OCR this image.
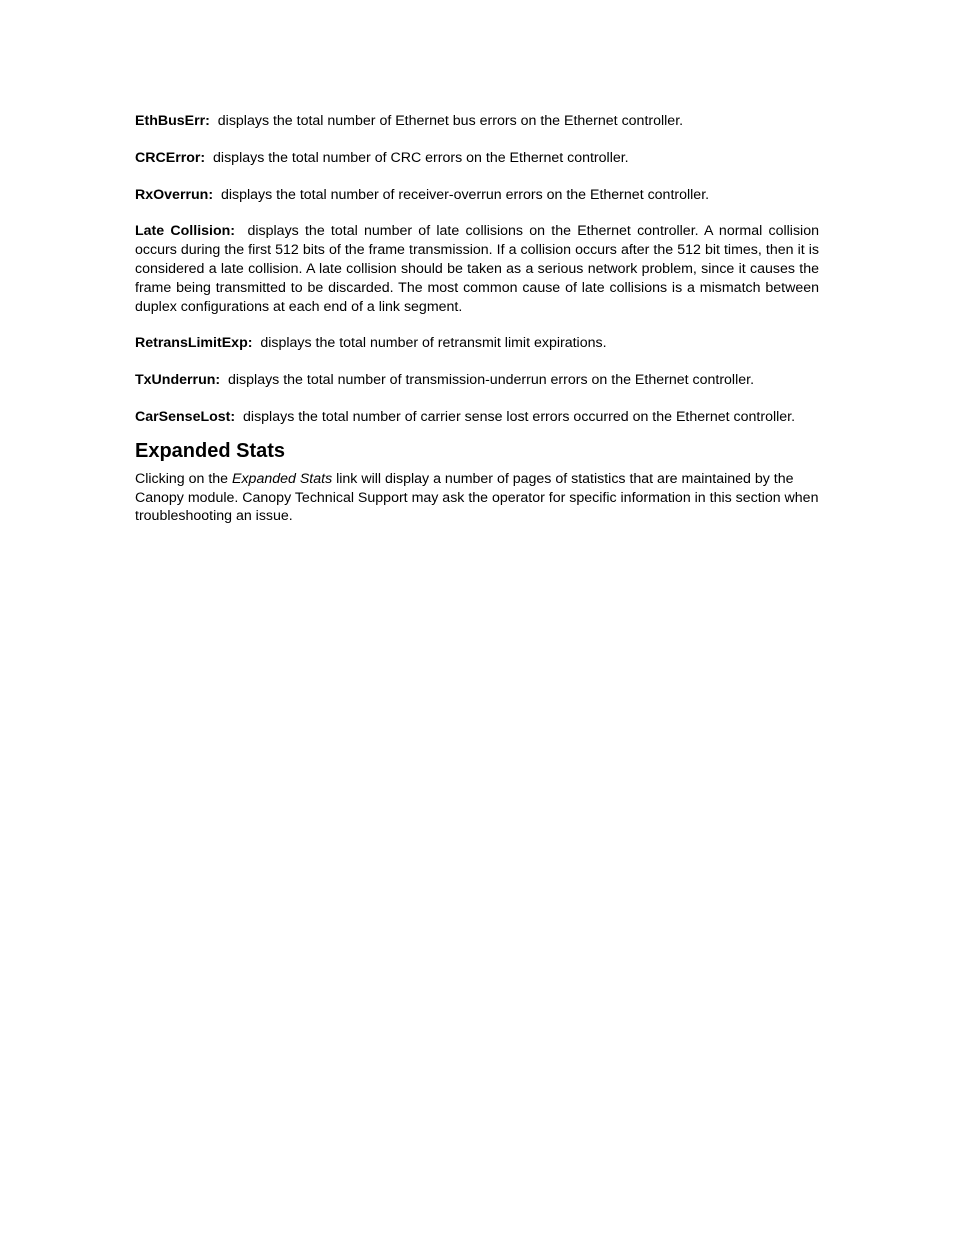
EthBusErr: displays the total number of Ethernet bus errors on the Ethernet controller.

CRCError: displays the total number of CRC errors on the Ethernet controller.

RxOverrun: displays the total number of receiver-overrun errors on the Ethernet controller.

Late Collision: displays the total number of late collisions on the Ethernet controller. A normal collision occurs during the first 512 bits of the frame transmission. If a collision occurs after the 512 bit times, then it is considered a late collision. A late collision should be taken as a serious network problem, since it causes the frame being transmitted to be discarded. The most common cause of late collisions is a mismatch between duplex configurations at each end of a link segment.

RetransLimitExp: displays the total number of retransmit limit expirations.

TxUnderrun: displays the total number of transmission-underrun errors on the Ethernet controller.

CarSenseLost: displays the total number of carrier sense lost errors occurred on the Ethernet controller.

Expanded Stats

Clicking on the Expanded Stats link will display a number of pages of statistics that are maintained by the Canopy module. Canopy Technical Support may ask the operator for specific information in this section when troubleshooting an issue.
